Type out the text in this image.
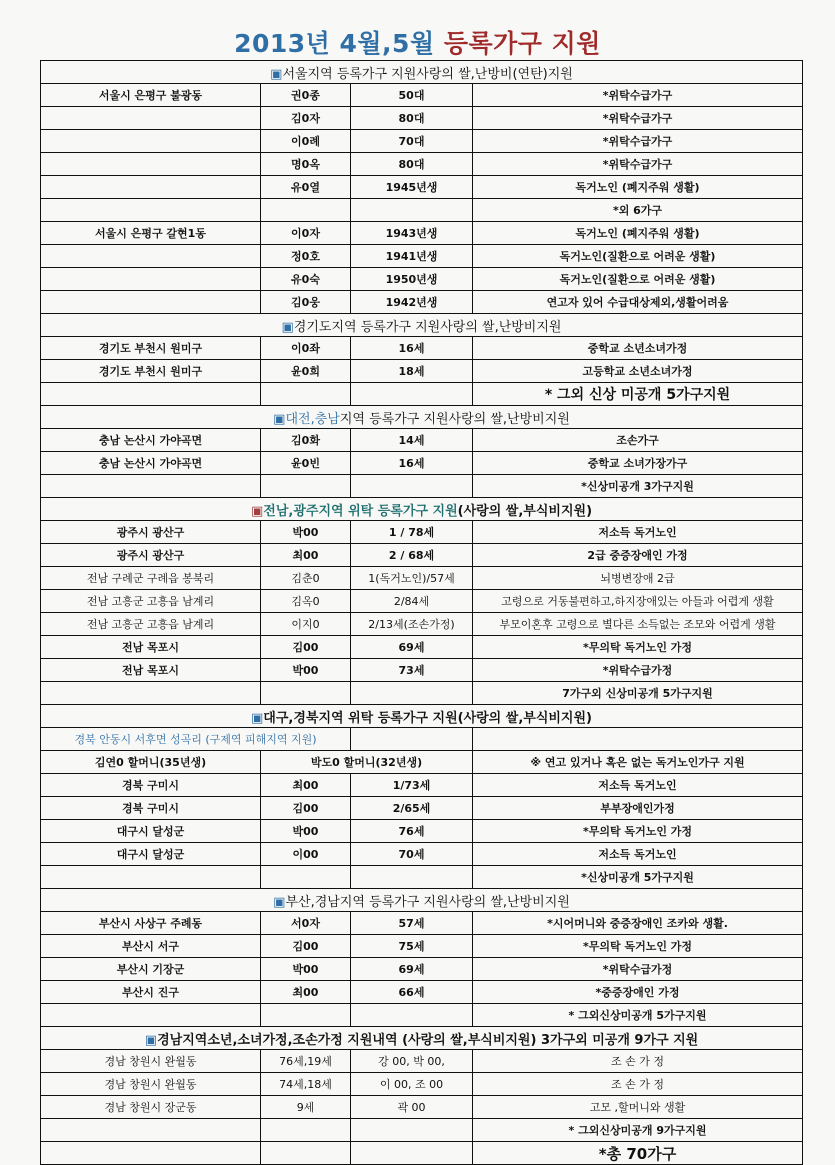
2013년 4월,5월 등록가구 지원
▣서울지역 등록가구 지원사랑의 쌀,난방비(연탄)지원			
서울시 은평구 불광동	권0종	50대	*위탁수급가구
	김0자	80대	*위탁수급가구
	이0례	70대	*위탁수급가구
	명0옥	80대	*위탁수급가구
	유0열	1945년생	독거노인 (폐지주워 생활)
			*외 6가구
서울시 은평구 갈현1동	이0자	1943년생	독거노인 (폐지주워 생활)
	정0호	1941년생	독거노인(질환으로 어려운 생활)
	유0숙	1950년생	독거노인(질환으로 어려운 생활)
	김0웅	1942년생	연고자 있어 수급대상제외,생활어려움
▣경기도지역 등록가구 지원사랑의 쌀,난방비지원			
경기도 부천시 원미구	이0좌	16세	중학교 소년소녀가정
경기도 부천시 원미구	윤0희	18세	고등학교 소년소녀가정
			* 그외 신상 미공개 5가구지원
▣대전,충남지역 등록가구 지원사랑의 쌀,난방비지원			
충남 논산시 가야곡면	김0화	14세	조손가구
충남 논산시 가야곡면	윤0빈	16세	중학교 소녀가장가구
			*신상미공개 3가구지원
▣전남,광주지역 위탁 등록가구 지원(사랑의 쌀,부식비지원)			
광주시 광산구	박00	1 / 78세	저소득 독거노인
광주시 광산구	최00	2 / 68세	2급 중증장애인 가정
전남 구례군 구례읍 봉북리	김춘0	1(독거노인)/57세	뇌병변장애 2급
전남 고흥군 고흥읍 남계리	김옥0	2/84세	고령으로 거동불편하고,하지장애있는 아들과 어렵게 생활
전남 고흥군 고흥읍 남계리	이지0	2/13세(조손가정)	부모이혼후 고령으로 별다른 소득없는 조모와 어렵게 생활
전남 목포시	김00	69세	*무의탁 독거노인 가정
전남 목포시	박00	73세	*위탁수급가정
			7가구외 신상미공개 5가구지원
▣대구,경북지역 위탁 등록가구 지원(사랑의 쌀,부식비지원)			
경북 안동시 서후면 성곡리 (구제역 피해지역 지원)			
김연0 할머니(35년생)	박도0 할머니(32년생)		※ 연고 있거나 혹은 없는 독거노인가구 지원
경북 구미시	최00	1/73세	저소득 독거노인
경북 구미시	김00	2/65세	부부장애인가정
대구시 달성군	박00	76세	*무의탁 독거노인 가정
대구시 달성군	이00	70세	저소득 독거노인
			*신상미공개 5가구지원
▣부산,경남지역 등록가구 지원사랑의 쌀,난방비지원			
부산시 사상구 주례동	서0자	57세	*시어머니와 중증장애인 조카와 생활.
부산시 서구	김00	75세	*무의탁 독거노인 가정
부산시 기장군	박00	69세	*위탁수급가정
부산시 진구	최00	66세	*중증장애인 가정
			* 그외신상미공개 5가구지원
▣경남지역소년,소녀가정,조손가정 지원내역 (사랑의 쌀,부식비지원) 3가구외 미공개 9가구 지원			
경남 창원시 완월동	76세,19세	강 00, 박 00,	조 손 가 정
경남 창원시 완월동	74세,18세	이 00, 조 00	조 손 가 정
경남 창원시 장군동	9세	곽 00	고모 ,할머니와 생활
			* 그외신상미공개 9가구지원
			*총 70가구
